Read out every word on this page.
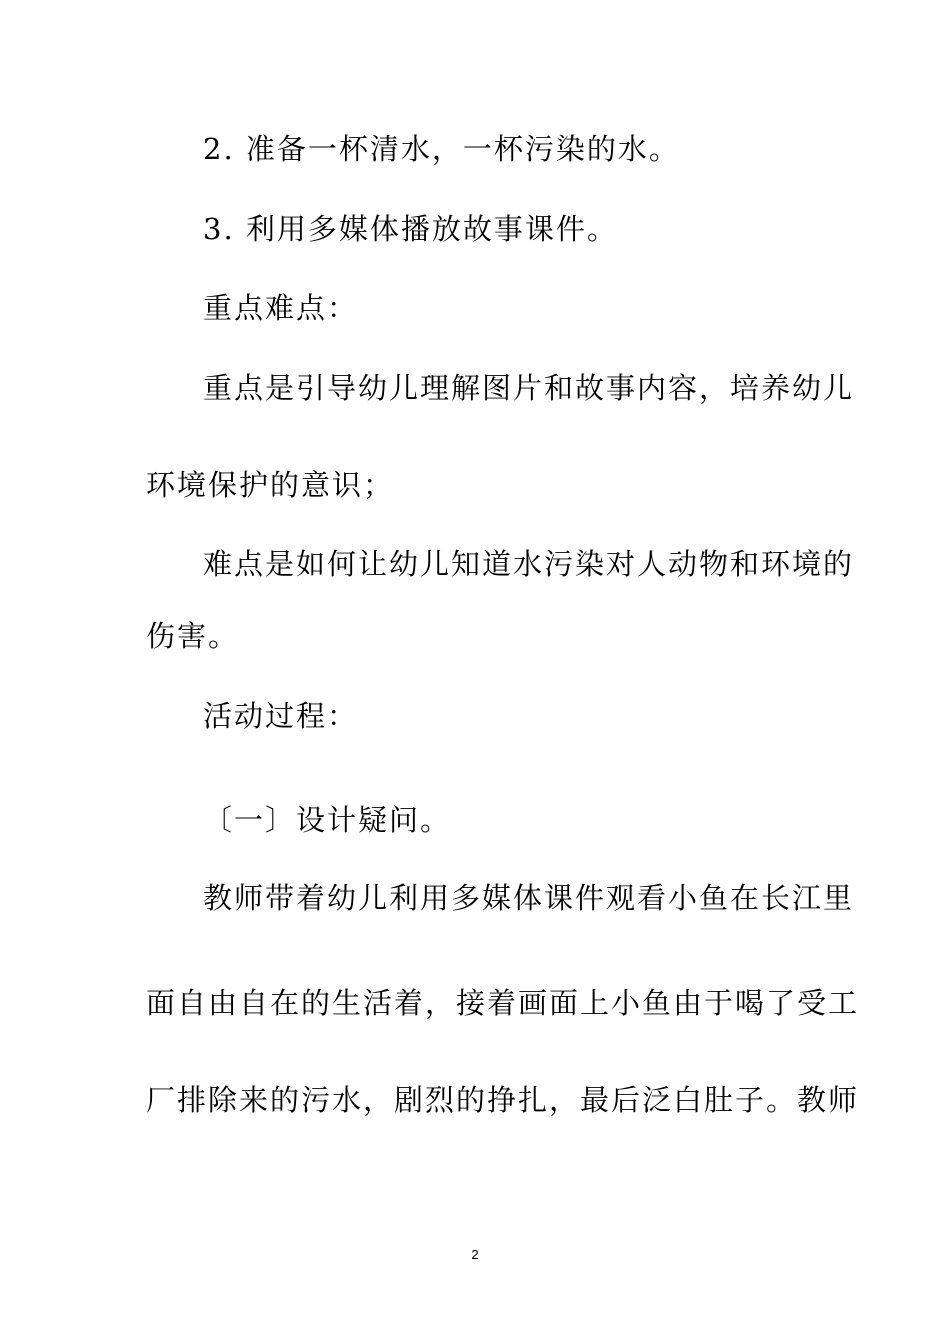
2. 准备一杯清水，一杯污染的水。

3. 利用多媒体播放故事课件。

重点难点：

重点是引导幼儿理解图片和故事内容，培养幼儿

环境保护的意识；

难点是如何让幼儿知道水污染对人动物和环境的

伤害。

活动过程：

〔一〕设计疑问。

教师带着幼儿利用多媒体课件观看小鱼在长江里

面自由自在的生活着，接着画面上小鱼由于喝了受工

厂排除来的污水，剧烈的挣扎，最后泛白肚子。教师

2
